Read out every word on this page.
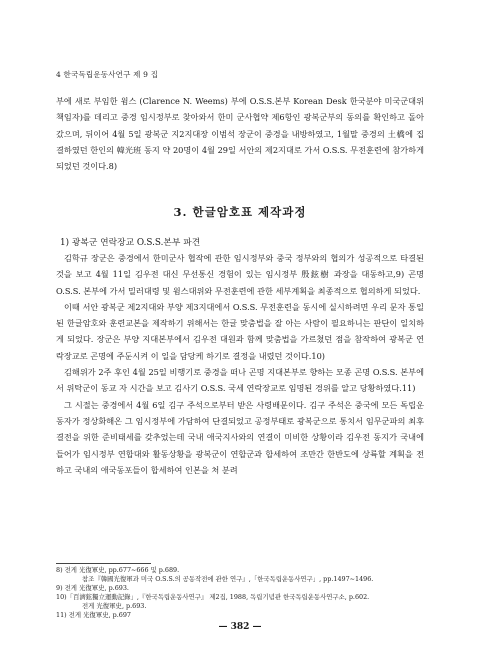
4 한국독립운동사연구 제 9 집

부에 새로 부임한 윔스 (Clarence N. Weems) 부에 O.S.S.본부 Korean Desk 한국분야 미국군대위 책임자)를 데리고 중경 임시정부로 찾아와서 한미 군사협약 제6항인 광복군부의 동의를 확인하고 돌아갔으며, 뒤이어 4월 5일 광복군 지2지대장 이범석 장군이 중경을 내방하였고, 1월말 중경의 土橋에 집결하였던 한인의 韓光班 동지 약 20명이 4월 29일 서안의 제2지대로 가서 O.S.S. 무전훈련에 참가하게 되었던 것이다.8)

3. 한글암호표 제작과정
1) 광복군 연락장교 O.S.S.본부 파견

김학규 장군은 중경에서 한미군사 협작에 관한 임시정부와 중국 정부와의 협의가 성공적으로 타결된 것을 보고 4월 11일 김우전 대신 무선통신 경험이 있는 임시정부 殷鉉樹 과장을 대동하고,9) 곤명 O.S.S. 본부에 가서 밀러대령 및 윔스대위와 무전훈련에 관한 세부계획을 최종적으로 협의하게 되었다.

이때 서안 광복군 제2지대와 부양 제3지대에서 O.S.S. 무전훈련을 동시에 실시하려면 우리 문자 통일된 한글암호와 훈련교본을 제작하기 위해서는 한글 맞춤법을 잘 아는 사람이 필요하니는 판단이 일치하게 되었다. 장군은 부양 지대본부에서 김우전 대원과 함께 맞춤법을 가르쳤던 점을 참작하여 광복군 연락장교로 곤명에 주둔시켜 이 일을 담당케 하기로 결정을 내렸던 것이다.10)

김해위가 2주 후인 4월 25일 비행기로 중경을 떠나 곤명 지대본부로 향하는 모종 곤명 O.S.S. 본부에서 위탁군이 동교 자 시간을 보고 김사기 O.S.S. 국세 연락장교로 임명된 경위를 알고 당황하였다.11)

그 시절는 중경에서 4월 6일 김구 주석으로부터 받은 사령배문이다. 김구 주석은 중국에 모든 독립운동자가 정상화해온 그 임시정부에 가담하여 단결되었고 공정부태로 광복군으로 통치서 임무군파의 최후결전을 위한 준비태세를 갖추었는데 국내 애국지사와의 연결이 미비한 상황이라 김우전 동지가 국내에 들어가 임시정부 연합대와 활동상황을 광복군이 연합군과 합세하여 조만간 한반도에 상륙할 계획을 전하고 국내의 애국동포들이 합세하여 인본을 처 분려

8) 전게 光復軍史, pp.677~666 및 p.689.

참조『韓國光復軍과 미국 O.S.S.의 공동작전에 관한 연구』,「한국독립운동사연구」, pp.1497~1496.

9) 전게 光復軍史, p.693.

10)「百濟鉉獨立運動記錄」,『한국독립운동사연구』 제2집, 1988, 독립기념관 한국독립운동사연구소, p.602.

전게 光復軍史, p.693.

11) 전게 光復軍史, p.697

— 382 —
